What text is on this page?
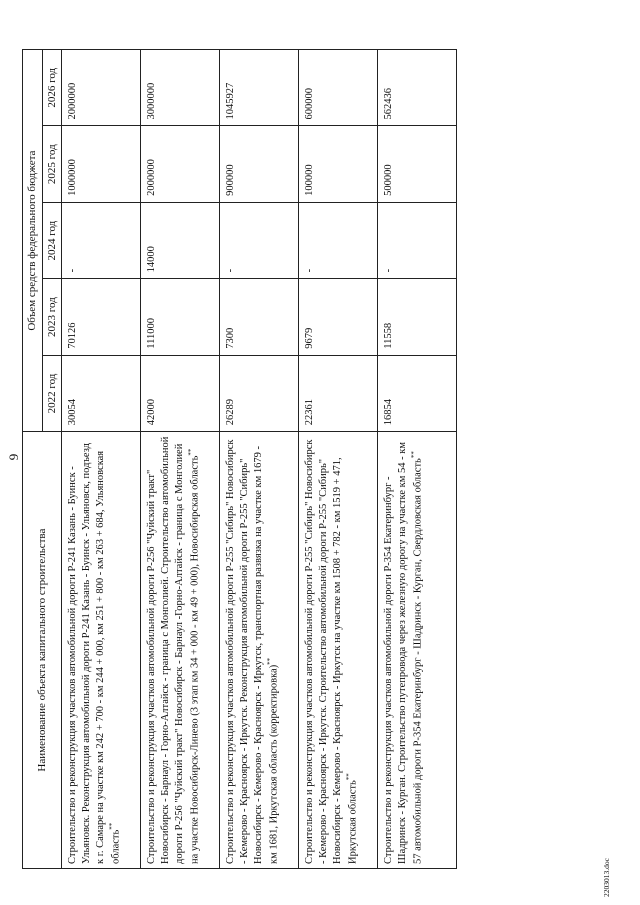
9
Наименование объекта капитального строительства	Объем средств федерального бюджета				
	2022 год	2023 год	2024 год	2025 год	2026 год
Строительство и реконструкция участков автомобильной дороги Р-241 Казань - Буинск - Ульяновск. Реконструкция автомобильной дороги Р-241 Казань - Буинск - Ульяновск, подъезд к г. Самаре на участке км 242 + 700 - км 244 + 000, км 251 + 800 - км 263 + 684, Ульяновская область**	30054	70126	-	1000000	2000000
Строительство и реконструкция участков автомобильной дороги Р-256 "Чуйский тракт" Новосибирск - Барнаул - Горно-Алтайск - граница с Монголией. Строительство автомобильной дороги Р-256 "Чуйский тракт" Новосибирск - Барнаул -Горно-Алтайск - граница с Монголией на участке Новосибирск-Линево (3 этап км 34 + 000 - км 49 + 000), Новосибирская область**	42000	111000	14000	2000000	3000000
Строительство и реконструкция участков автомобильной дороги Р-255 "Сибирь" Новосибирск - Кемерово - Красноярск - Иркутск. Реконструкция автомобильной дороги Р-255 "Сибирь" Новосибирск - Кемерово - Красноярск - Иркутск, транспортная развязка на участке км 1679 - км 1681, Иркутская область (корректировка)**	26289	7300	-	900000	1045927
Строительство и реконструкция участков автомобильной дороги Р-255 "Сибирь" Новосибирск - Кемерово - Красноярск - Иркутск. Строительство автомобильной дороги Р-255 "Сибирь" Новосибирск - Кемерово - Красноярск - Иркутск на участке км 1508 + 782 - км 1519 + 471, Иркутская область**	22361	9679	-	100000	600000
Строительство и реконструкция участков автомобильной дороги Р-354 Екатеринбург - Шадринск - Курган. Строительство путепровода через железную дорогу на участке км 54 - км 57 автомобильной дороги Р-354 Екатеринбург - Шадринск - Курган, Свердловская область**	16854	11558	-	500000	562436
2203013.doc
